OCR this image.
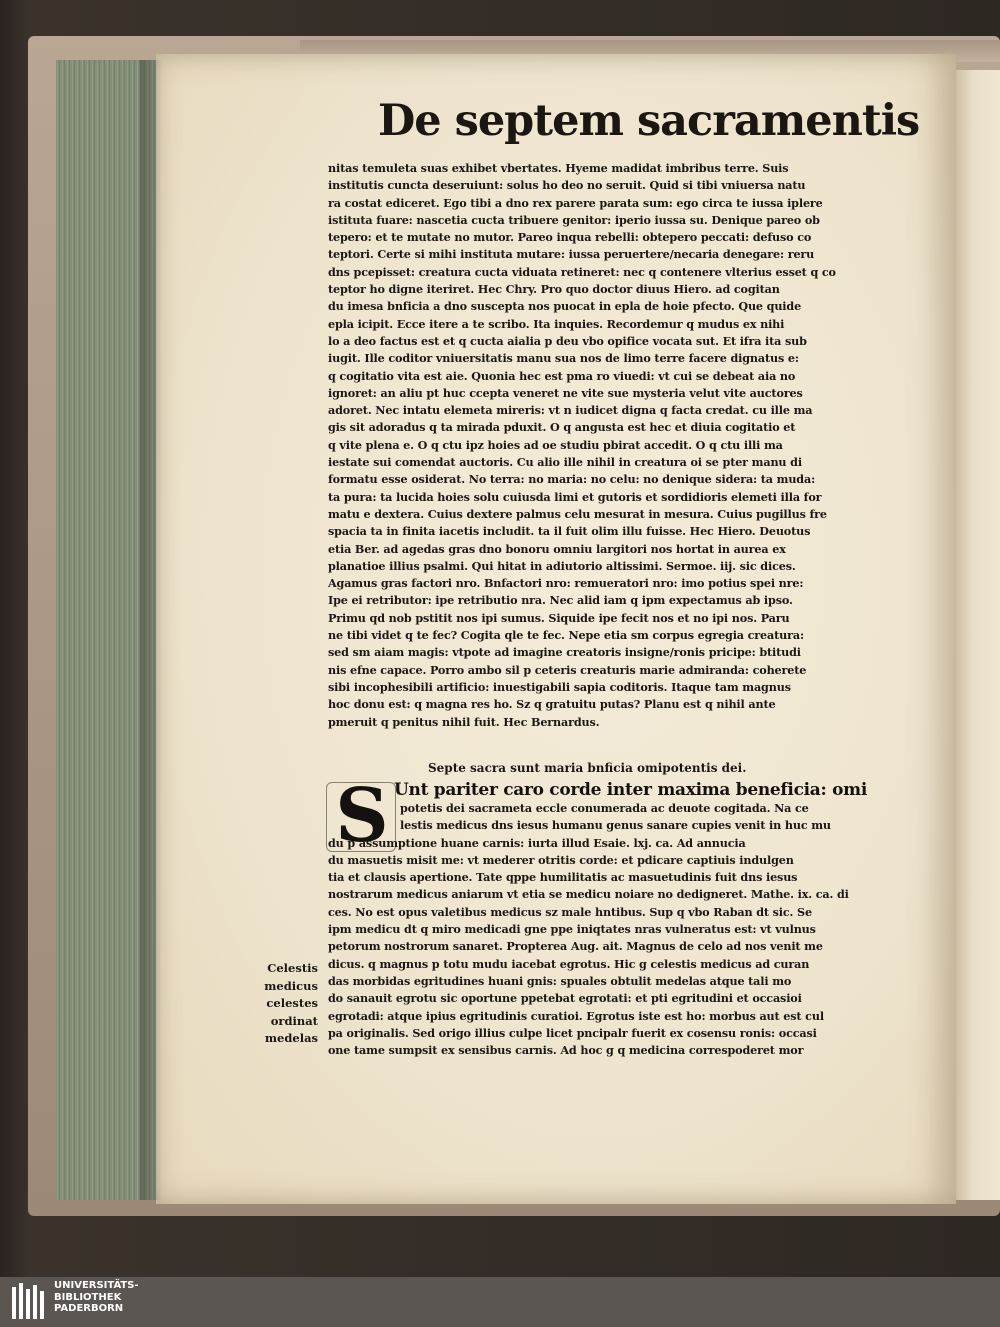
De septem sacramentis
nitas temuleta suas exhibet vbertates. Hyeme madidat imbribus terre. Suis
institutis cuncta deseruiunt: solus ho deo no seruit. Quid si tibi vniuersa natu
ra costat ediceret. Ego tibi a dno rex parere parata sum: ego circa te iussa iplere
istituta fuare: nascetia cucta tribuere genitor: iperio iussa su. Denique pareo ob
tepero: et te mutate no mutor. Pareo inqua rebelli: obtepero peccati: defuso co
teptori. Certe si mihi instituta mutare: iussa peruertere/necaria denegare: reru
dns pcepisset: creatura cucta viduata retineret: nec q contenere vlterius esset q co
teptor ho digne iteriret. Hec Chry. Pro quo doctor diuus Hiero. ad cogitan
du imesa bnficia a dno suscepta nos puocat in epla de hoie pfecto. Que quide
epla icipit. Ecce itere a te scribo. Ita inquies. Recordemur q mudus ex nihi
lo a deo factus est et q cucta aialia p deu vbo opifice vocata sut. Et ifra ita sub
iugit. Ille coditor vniuersitatis manu sua nos de limo terre facere dignatus e:
q cogitatio vita est aie. Quonia hec est pma ro viuedi: vt cui se debeat aia no
ignoret: an aliu pt huc ccepta veneret ne vite sue mysteria velut vite auctores
adoret. Nec intatu elemeta mireris: vt n iudicet digna q facta credat. cu ille ma
gis sit adoradus q ta mirada pduxit. O q angusta est hec et diuia cogitatio et
q vite plena e. O q ctu ipz hoies ad oe studiu pbirat accedit. O q ctu illi ma
iestate sui comendat auctoris. Cu alio ille nihil in creatura oi se pter manu di
formatu esse osiderat. No terra: no maria: no celu: no denique sidera: ta muda:
ta pura: ta lucida hoies solu cuiusda limi et gutoris et sordidioris elemeti illa for
matu e dextera. Cuius dextere palmus celu mesurat in mesura. Cuius pugillus fre
spacia ta in finita iacetis includit. ta il fuit olim illu fuisse. Hec Hiero. Deuotus
etia Ber. ad agedas gras dno bonoru omniu largitori nos hortat in aurea ex
planatioe illius psalmi. Qui hitat in adiutorio altissimi. Sermoe. iij. sic dices.
Agamus gras factori nro. Bnfactori nro: remueratori nro: imo potius spei nre:
Ipe ei retributor: ipe retributio nra. Nec alid iam q ipm expectamus ab ipso.
Primu qd nob pstitit nos ipi sumus. Siquide ipe fecit nos et no ipi nos. Paru
ne tibi videt q te fec? Cogita qle te fec. Nepe etia sm corpus egregia creatura:
sed sm aiam magis: vtpote ad imagine creatoris insigne/ronis pricipe: btitudi
nis efne capace. Porro ambo sil p ceteris creaturis marie admiranda: coherete
sibi incophesibili artificio: inuestigabili sapia coditoris. Itaque tam magnus
hoc donu est: q magna res ho. Sz q gratuitu putas? Planu est q nihil ante
pmeruit q penitus nihil fuit. Hec Bernardus.
Septe sacra sunt maria bnficia omipotentis dei.
S Unt pariter caro corde inter maxima beneficia: omi
potetis dei sacrameta eccle conumerada ac deuote cogitada. Na ce
lestis medicus dns iesus humanu genus sanare cupies venit in huc mu
du p assumptione huane carnis: iurta illud Esaie. lxj. ca. Ad annucia
du masuetis misit me: vt mederer otritis corde: et pdicare captiuis indulgen
tia et clausis apertione. Tate qppe humilitatis ac masuetudinis fuit dns iesus
nostrarum medicus aniarum vt etia se medicu noiare no dedigneret. Mathe. ix. ca. di
ces. No est opus valetibus medicus sz male hntibus. Sup q vbo Raban dt sic. Se
ipm medicu dt q miro medicadi gne ppe iniqtates nras vulneratus est: vt vulnus
petorum nostrorum sanaret. Propterea Aug. ait. Magnus de celo ad nos venit me
dicus. q magnus p totu mudu iacebat egrotus. Hic g celestis medicus ad curan
das morbidas egritudines huani gnis: spuales obtulit medelas atque tali mo
do sanauit egrotu sic oportune ppetebat egrotati: et pti egritudini et occasioi
egrotadi: atque ipius egritudinis curatioi. Egrotus iste est ho: morbus aut est cul
pa originalis. Sed origo illius culpe licet pncipalr fuerit ex cosensu ronis: occasi
one tame sumpsit ex sensibus carnis. Ad hoc g q medicina correspoderet mor
Celestis
medicus
celestes
ordinat
medelas
UNIVERSITÄTS-
BIBLIOTHEK
PADERBORN
